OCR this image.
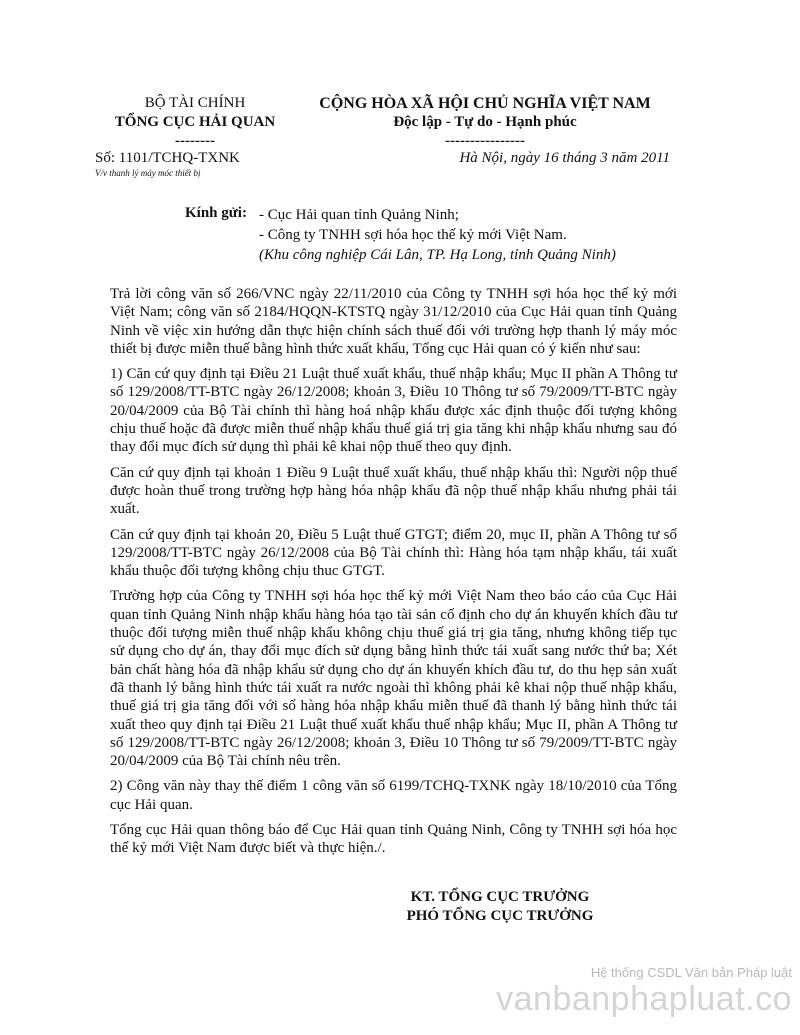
BỘ TÀI CHÍNH
TỔNG CỤC HẢI QUAN
--------
CỘNG HÒA XÃ HỘI CHỦ NGHĨA VIỆT NAM
Độc lập - Tự do - Hạnh phúc
----------------
Số: 1101/TCHQ-TXNK
V/v thanh lý máy móc thiết bị
Hà Nội, ngày 16 tháng 3 năm 2011
Kính gửi: - Cục Hải quan tỉnh Quảng Ninh;
- Công ty TNHH sợi hóa học thế kỷ mới Việt Nam.
(Khu công nghiệp Cái Lân, TP. Hạ Long, tỉnh Quảng Ninh)

Trả lời công văn số 266/VNC ngày 22/11/2010 của Công ty TNHH sợi hóa học thế kỷ mới Việt Nam; công văn số 2184/HQQN-KTSTQ ngày 31/12/2010 của Cục Hải quan tỉnh Quảng Ninh về việc xin hướng dẫn thực hiện chính sách thuế đối với trường hợp thanh lý máy móc thiết bị được miễn thuế bằng hình thức xuất khẩu, Tổng cục Hải quan có ý kiến như sau:

1) Căn cứ quy định tại Điều 21 Luật thuế xuất khẩu, thuế nhập khẩu; Mục II phần A Thông tư số 129/2008/TT-BTC ngày 26/12/2008; khoản 3, Điều 10 Thông tư số 79/2009/TT-BTC ngày 20/04/2009 của Bộ Tài chính thì hàng hoá nhập khẩu được xác định thuộc đối tượng không chịu thuế hoặc đã được miễn thuế nhập khẩu thuế giá trị gia tăng khi nhập khẩu nhưng sau đó thay đổi mục đích sử dụng thì phải kê khai nộp thuế theo quy định.

Căn cứ quy định tại khoản 1 Điều 9 Luật thuế xuất khẩu, thuế nhập khẩu thì: Người nộp thuế được hoàn thuế trong trường hợp hàng hóa nhập khẩu đã nộp thuế nhập khẩu nhưng phải tái xuất.

Căn cứ quy định tại khoản 20, Điều 5 Luật thuế GTGT; điểm 20, mục II, phần A Thông tư số 129/2008/TT-BTC ngày 26/12/2008 của Bộ Tài chính thì: Hàng hóa tạm nhập khẩu, tái xuất khẩu thuộc đối tượng không chịu thuc GTGT.

Trường hợp của Công ty TNHH sợi hóa học thế kỷ mới Việt Nam theo báo cáo của Cục Hải quan tỉnh Quảng Ninh nhập khẩu hàng hóa tạo tài sản cố định cho dự án khuyến khích đầu tư thuộc đối tượng miễn thuế nhập khẩu không chịu thuế giá trị gia tăng, nhưng không tiếp tục sử dụng cho dự án, thay đổi mục đích sử dụng bằng hình thức tái xuất sang nước thứ ba; Xét bản chất hàng hóa đã nhập khẩu sử dụng cho dự án khuyến khích đầu tư, do thu hẹp sản xuất đã thanh lý bằng hình thức tái xuất ra nước ngoài thì không phải kê khai nộp thuế nhập khẩu, thuế giá trị gia tăng đối với số hàng hóa nhập khẩu miễn thuế đã thanh lý bằng hình thức tái xuất theo quy định tại Điều 21 Luật thuế xuất khẩu thuế nhập khẩu; Mục II, phần A Thông tư số 129/2008/TT-BTC ngày 26/12/2008; khoản 3, Điều 10 Thông tư số 79/2009/TT-BTC ngày 20/04/2009 của Bộ Tài chính nêu trên.

2) Công văn này thay thế điểm 1 công văn số 6199/TCHQ-TXNK ngày 18/10/2010 của Tổng cục Hải quan.

Tổng cục Hải quan thông báo để Cục Hải quan tỉnh Quảng Ninh, Công ty TNHH sợi hóa học thế kỷ mới Việt Nam được biết và thực hiện./.

KT. TỔNG CỤC TRƯỞNG
PHÓ TỔNG CỤC TRƯỞNG
Hệ thống CSDL Văn bản Pháp luật
vanbanphapluat.co
